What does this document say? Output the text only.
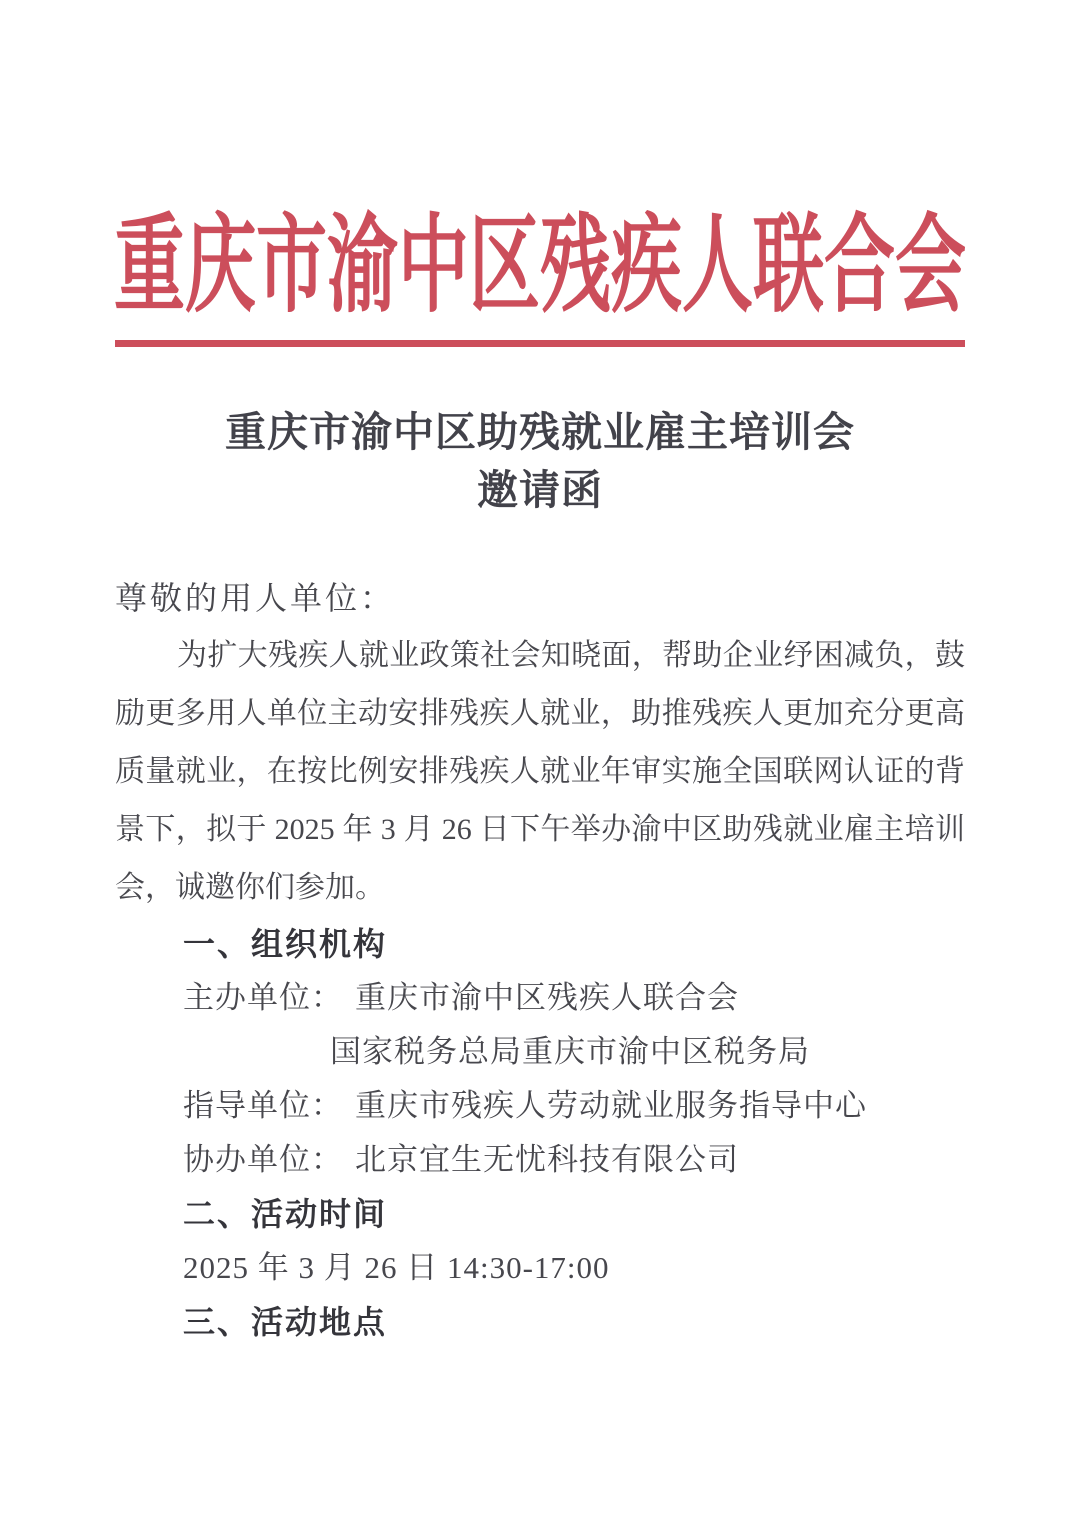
重庆市渝中区残疾人联合会
重庆市渝中区助残就业雇主培训会
邀请函

尊敬的用人单位：

为扩大残疾人就业政策社会知晓面，帮助企业纾困减负，鼓
励更多用人单位主动安排残疾人就业，助推残疾人更加充分更高
质量就业，在按比例安排残疾人就业年审实施全国联网认证的背
景下，拟于 2025 年 3 月 26 日下午举办渝中区助残就业雇主培训
会，诚邀你们参加。
一、组织机构
主办单位： 重庆市渝中区残疾人联合会
国家税务总局重庆市渝中区税务局
指导单位： 重庆市残疾人劳动就业服务指导中心
协办单位： 北京宜生无忧科技有限公司
二、活动时间
2025 年 3 月 26 日 14:30-17:00
三、活动地点
